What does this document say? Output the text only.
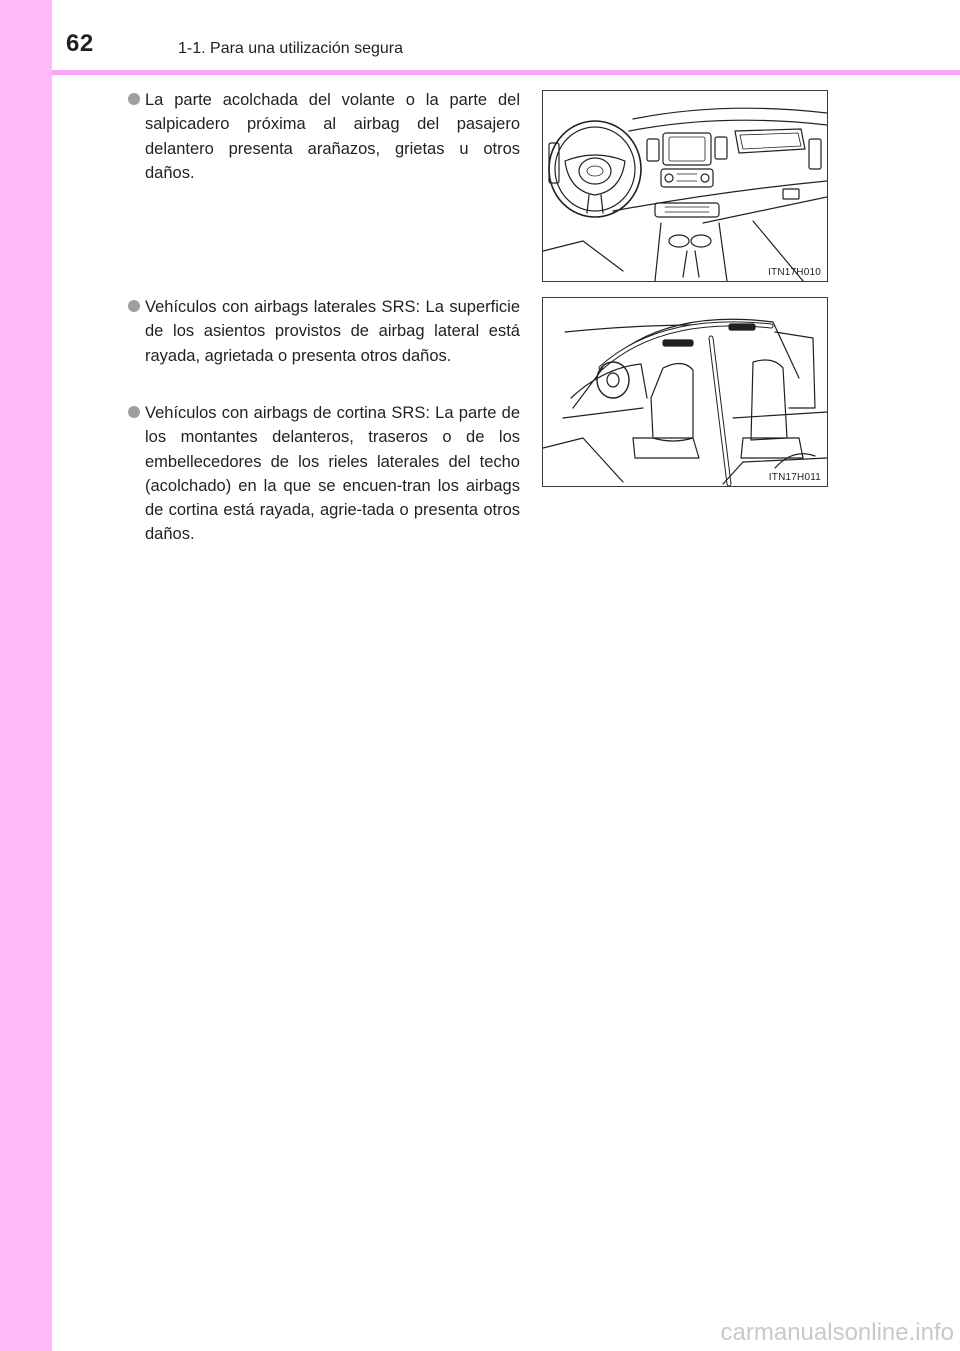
62	1-1. Para una utilización segura
La parte acolchada del volante o la parte del salpicadero próxima al airbag del pasajero delantero presenta arañazos, grietas u otros daños.
Vehículos con airbags laterales SRS: La superficie de los asientos provistos de airbag lateral está rayada, agrietada o presenta otros daños.
Vehículos con airbags de cortina SRS: La parte de los montantes delanteros, traseros o de los embellecedores de los rieles laterales del techo (acolchado) en la que se encuen-tran los airbags de cortina está rayada, agrie-tada o presenta otros daños.
ITN17H010
ITN17H011
carmanualsonline.info
